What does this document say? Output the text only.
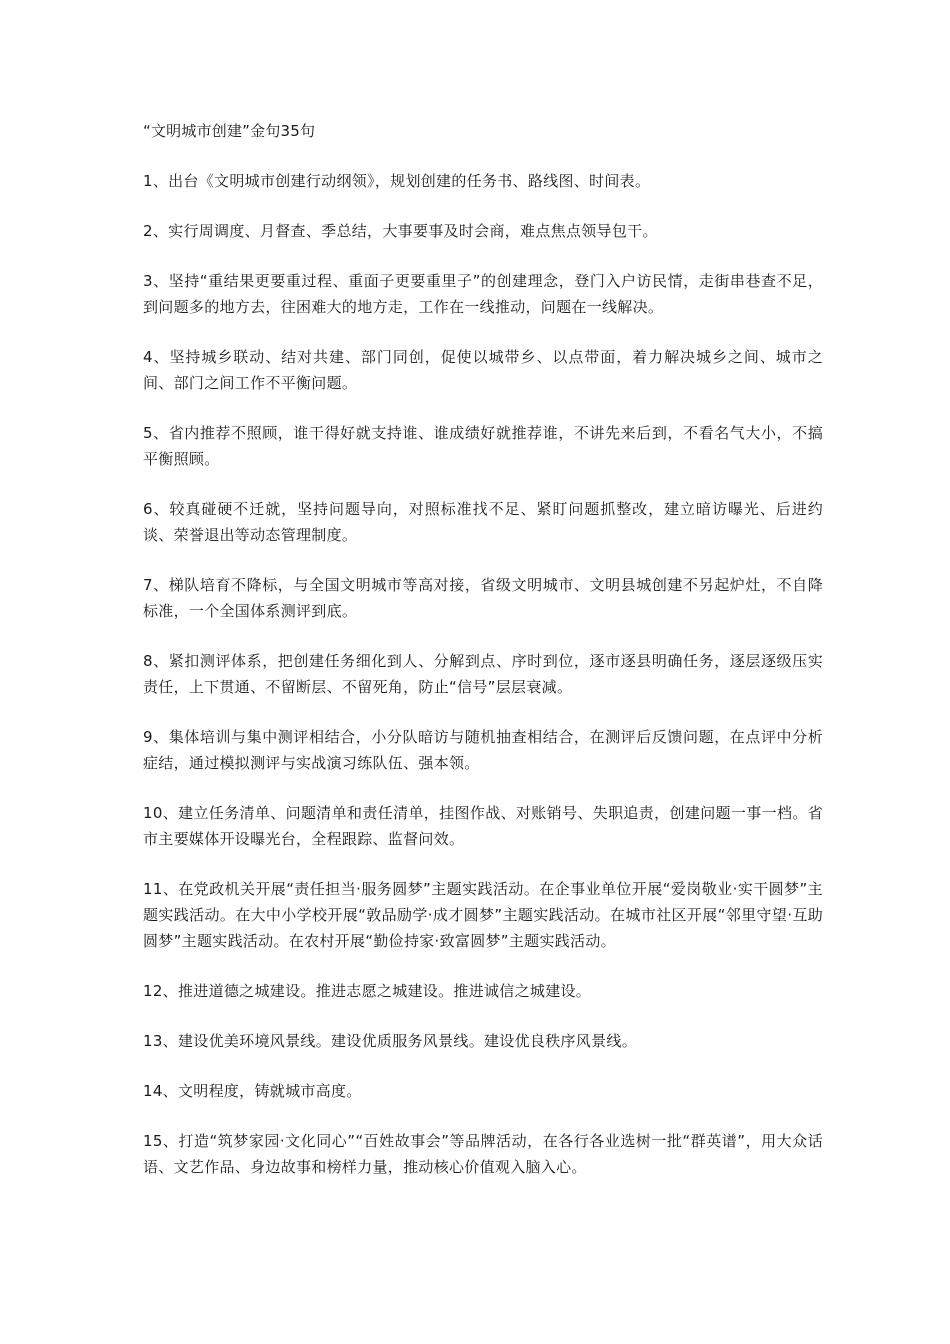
“文明城市创建”金句35句

1、出台《文明城市创建行动纲领》，规划创建的任务书、路线图、时间表。

2、实行周调度、月督查、季总结，大事要事及时会商，难点焦点领导包干。

3、坚持“重结果更要重过程、重面子更要重里子”的创建理念，登门入户访民情，走街串巷查不足，到问题多的地方去，往困难大的地方走，工作在一线推动，问题在一线解决。

4、坚持城乡联动、结对共建、部门同创，促使以城带乡、以点带面，着力解决城乡之间、城市之间、部门之间工作不平衡问题。

5、省内推荐不照顾，谁干得好就支持谁、谁成绩好就推荐谁，不讲先来后到，不看名气大小，不搞平衡照顾。

6、较真碰硬不迁就，坚持问题导向，对照标准找不足、紧盯问题抓整改，建立暗访曝光、后进约谈、荣誉退出等动态管理制度。

7、梯队培育不降标，与全国文明城市等高对接，省级文明城市、文明县城创建不另起炉灶，不自降标准，一个全国体系测评到底。

8、紧扣测评体系，把创建任务细化到人、分解到点、序时到位，逐市逐县明确任务，逐层逐级压实责任，上下贯通、不留断层、不留死角，防止“信号”层层衰减。

9、集体培训与集中测评相结合，小分队暗访与随机抽查相结合，在测评后反馈问题，在点评中分析症结，通过模拟测评与实战演习练队伍、强本领。

10、建立任务清单、问题清单和责任清单，挂图作战、对账销号、失职追责，创建问题一事一档。省市主要媒体开设曝光台，全程跟踪、监督问效。

11、在党政机关开展“责任担当·服务圆梦”主题实践活动。在企事业单位开展“爱岗敬业·实干圆梦”主题实践活动。在大中小学校开展“敦品励学·成才圆梦”主题实践活动。在城市社区开展“邻里守望·互助圆梦”主题实践活动。在农村开展“勤俭持家·致富圆梦”主题实践活动。

12、推进道德之城建设。推进志愿之城建设。推进诚信之城建设。

13、建设优美环境风景线。建设优质服务风景线。建设优良秩序风景线。

14、文明程度，铸就城市高度。

15、打造“筑梦家园·文化同心”“百姓故事会”等品牌活动，在各行各业选树一批“群英谱”，用大众话语、文艺作品、身边故事和榜样力量，推动核心价值观入脑入心。
